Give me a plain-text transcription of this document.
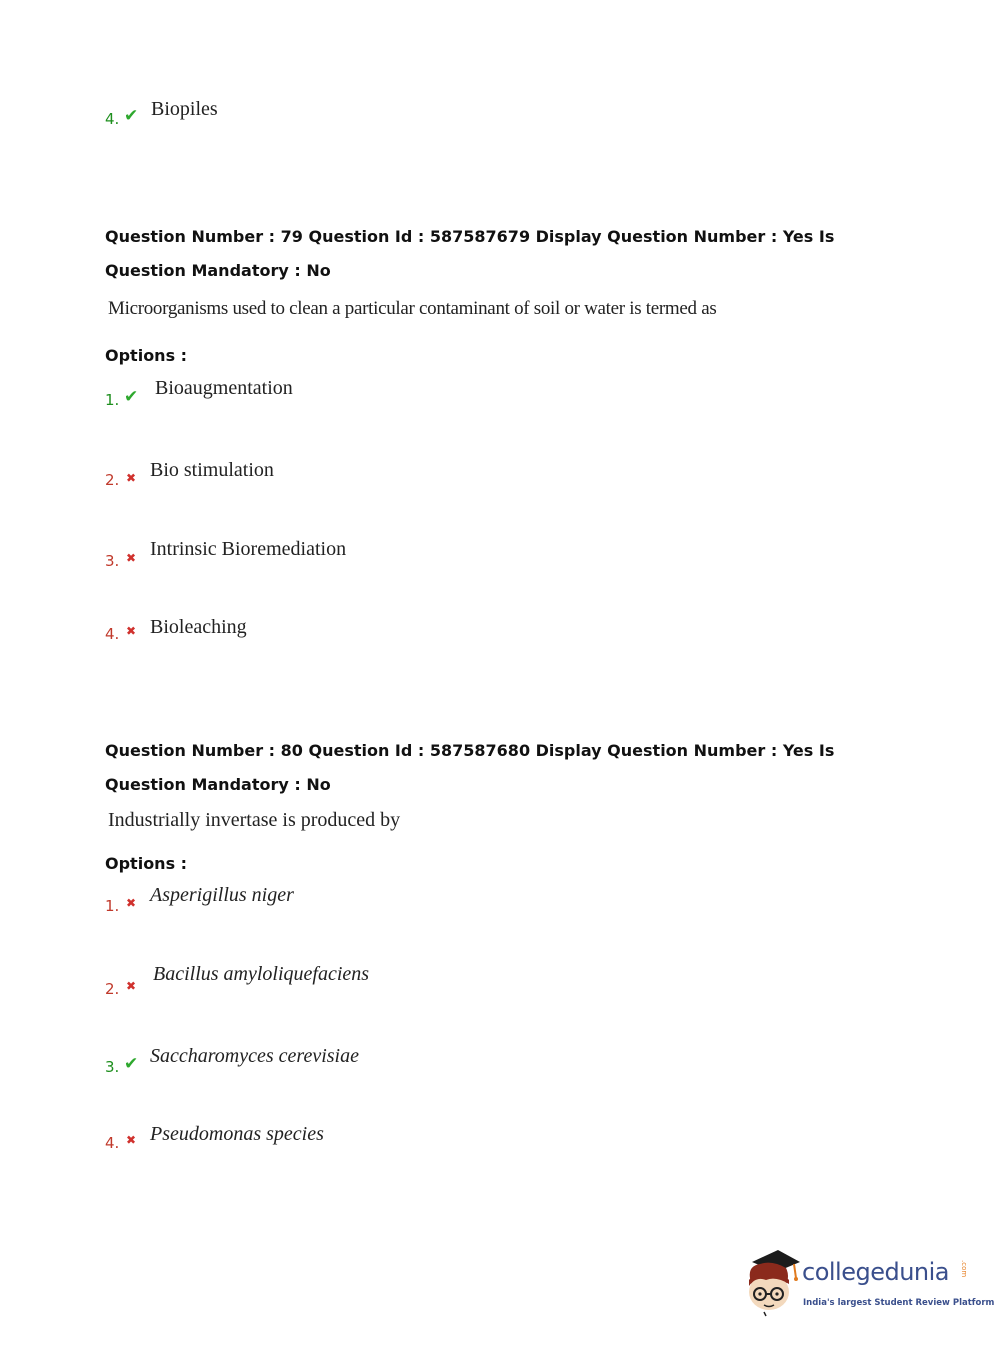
4. ✔ Biopiles
Question Number : 79 Question Id : 587587679 Display Question Number : Yes Is Question Mandatory : No
Microorganisms used to clean a particular contaminant of soil or water is termed as
Options :
1. ✔ Bioaugmentation
2. ✖ Bio stimulation
3. ✖ Intrinsic Bioremediation
4. ✖ Bioleaching
Question Number : 80 Question Id : 587587680 Display Question Number : Yes Is Question Mandatory : No
Industrially invertase is produced by
Options :
1. ✖ Asperigillus niger
2. ✖
Bacillus amyloliquefaciens
3. ✔ Saccharomyces cerevisiae
4. ✖ Pseudomonas species
collegedunia .com
India's largest Student Review Platform
